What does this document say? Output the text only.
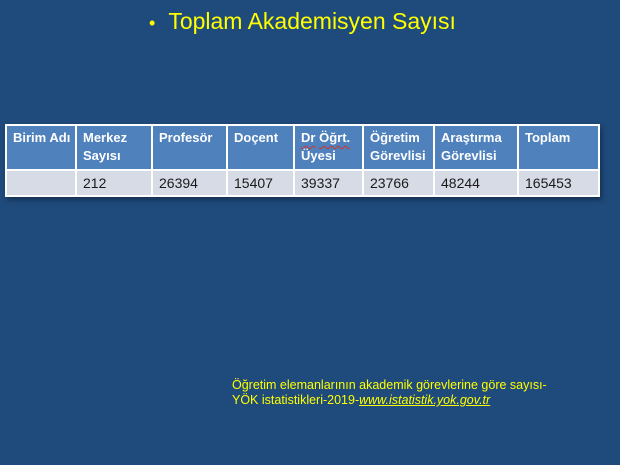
• Toplam Akademisyen Sayısı
Birim Adı	Merkez Sayısı	Profesör	Doçent	Dr Öğrt. Üyesi	Öğretim Görevlisi	Araştırma Görevlisi	Toplam
	212	26394	15407	39337	23766	48244	165453
Öğretim elemanlarının akademik görevlerine göre sayısı-
YÖK istatistikleri-2019-www.istatistik.yok.gov.tr
